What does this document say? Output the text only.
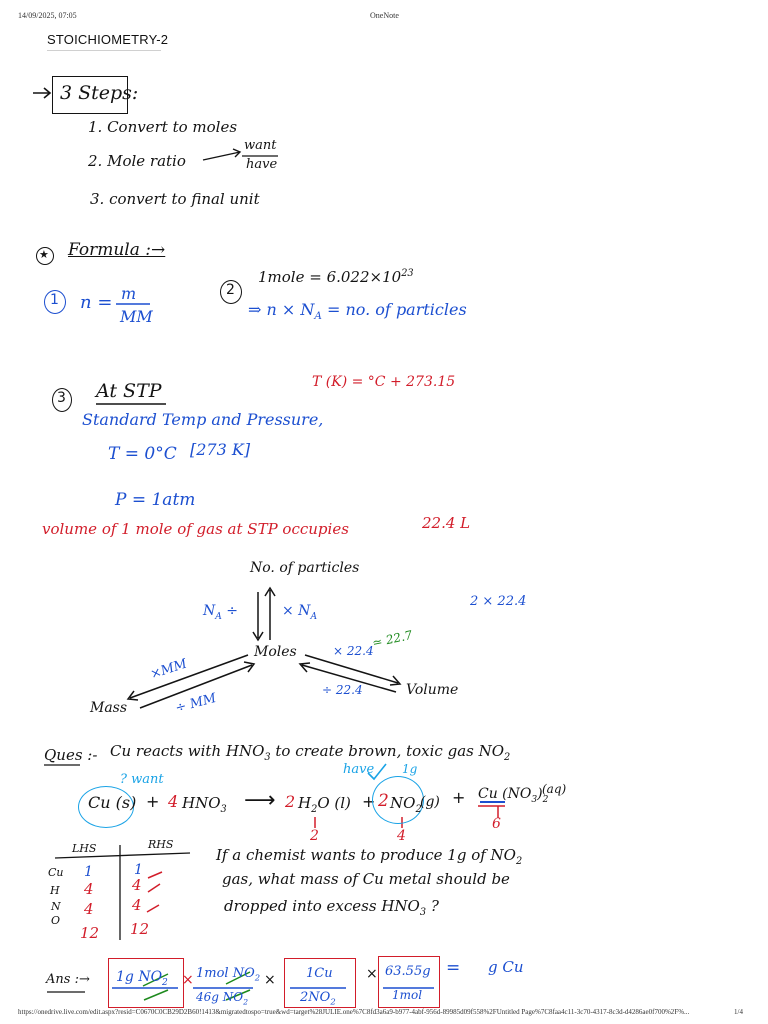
14/09/2025, 07:05	OneNote
STOICHIOMETRY-2
3 Steps:
1. Convert to moles
2. Mole ratio
want
have
3. convert to final unit
★ Formula :→
1 n = m
MM
2
1mole = $6.022\times 10^{23}$
⇒ $n \times N_A$ = no. of particles
3 At STP	T (K) = °C + 273.15
Standard Temp and Pressure,
T = 0°C [273 K]
P = 1atm
volume of 1 mole of gas at STP occupies	22.4 L
No. of particles
$N_A$ ÷	× $N_A$
Moles
Mass
Volume
×MM
÷ MM
× 22.4
≃ 22.7
÷ 22.4
2 × 22.4
Ques :- Cu reacts with $HNO_3$ to create brown, toxic gas $NO_2$
? want
have 1g
Cu (s) + 4 $HNO_3$ ⟶ 2 $H_2O$ (l) + 2 $NO_2$
(g) + Cu $(NO_3)_2$
(aq)
2	4
6
LHS	RHS
Cu 1	1
H 4	4
N 4	4
O
12 12
If a chemist wants to produce 1g of $NO_2$
gas, what mass of Cu metal should be
dropped into excess $HNO_3$ ?
Ans :→ 1g $NO_2 \times 1mol$ $NO_2$
46g $NO_2$
× 1Cu
$2NO_2$
× 63.55g
1mol
= g Cu
https://onedrive.live.com/edit.aspx?resid=C0670C0CB29D2B60!1413&migratedtospo=true&wd=target%28JULIE.one%7C8fd3a6a9-b977-4abf-956d-89985d09f558%2FUntitled Page%7C8faa4c11-3c70-4317-8c3d-d4286ae0f700%2F%...	1/4
